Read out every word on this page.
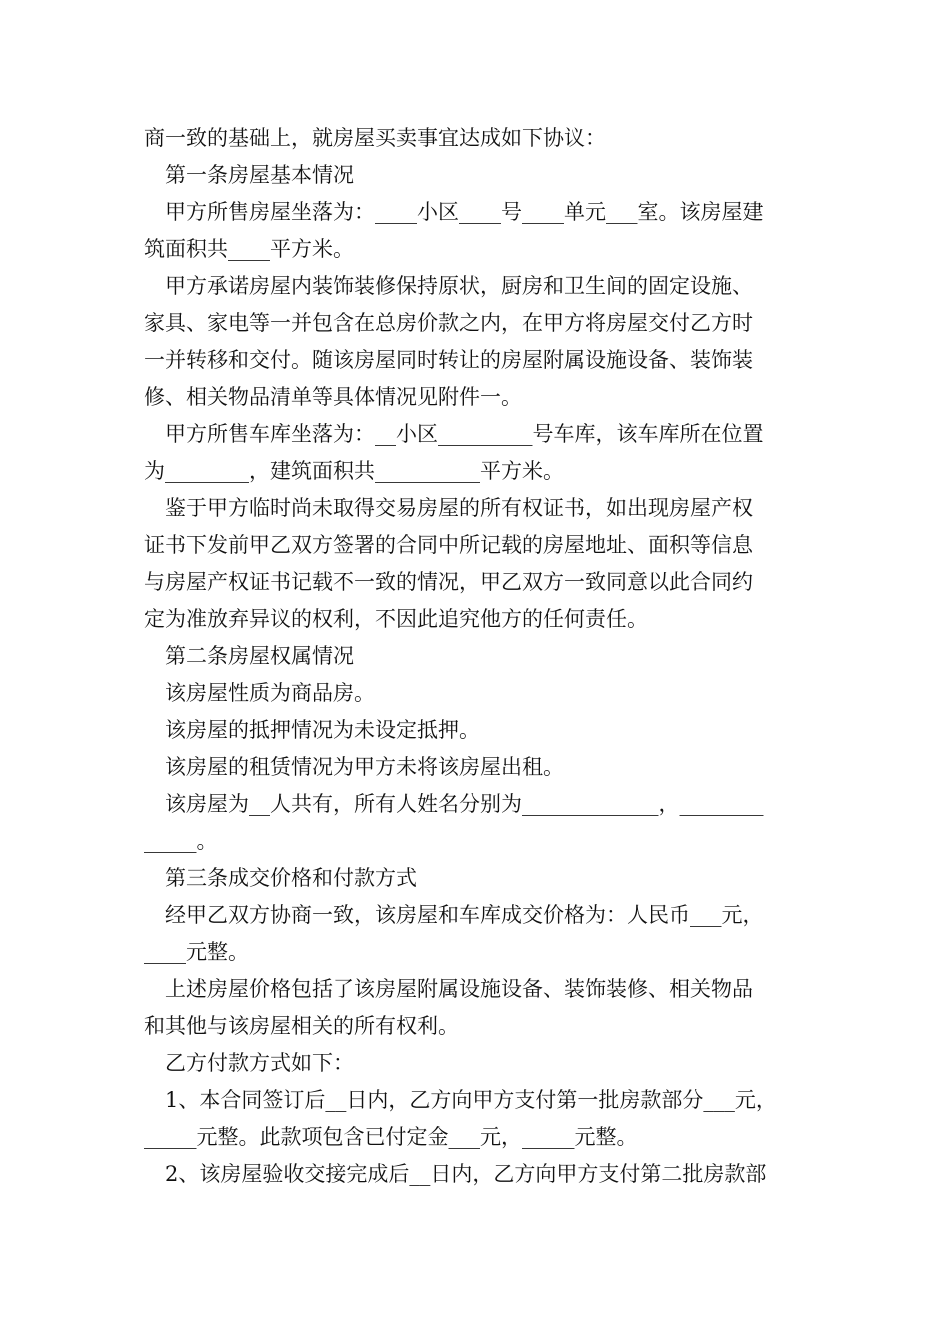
商一致的基础上，就房屋买卖事宜达成如下协议：

第一条房屋基本情况

甲方所售房屋坐落为：____小区____号____单元___室。该房屋建

筑面积共____平方米。

甲方承诺房屋内装饰装修保持原状，厨房和卫生间的固定设施、

家具、家电等一并包含在总房价款之内，在甲方将房屋交付乙方时

一并转移和交付。随该房屋同时转让的房屋附属设施设备、装饰装

修、相关物品清单等具体情况见附件一。

甲方所售车库坐落为：__小区_________号车库，该车库所在位置

为________，建筑面积共__________平方米。

鉴于甲方临时尚未取得交易房屋的所有权证书，如出现房屋产权

证书下发前甲乙双方签署的合同中所记载的房屋地址、面积等信息

与房屋产权证书记载不一致的情况，甲乙双方一致同意以此合同约

定为准放弃异议的权利，不因此追究他方的任何责任。

第二条房屋权属情况

该房屋性质为商品房。

该房屋的抵押情况为未设定抵押。

该房屋的租赁情况为甲方未将该房屋出租。

该房屋为__人共有，所有人姓名分别为_____________，________

_____。

第三条成交价格和付款方式

经甲乙双方协商一致，该房屋和车库成交价格为：人民币___元，

____元整。

上述房屋价格包括了该房屋附属设施设备、装饰装修、相关物品

和其他与该房屋相关的所有权利。

乙方付款方式如下：

1、本合同签订后__日内，乙方向甲方支付第一批房款部分___元，

_____元整。此款项包含已付定金___元，_____元整。

2、该房屋验收交接完成后__日内，乙方向甲方支付第二批房款部
